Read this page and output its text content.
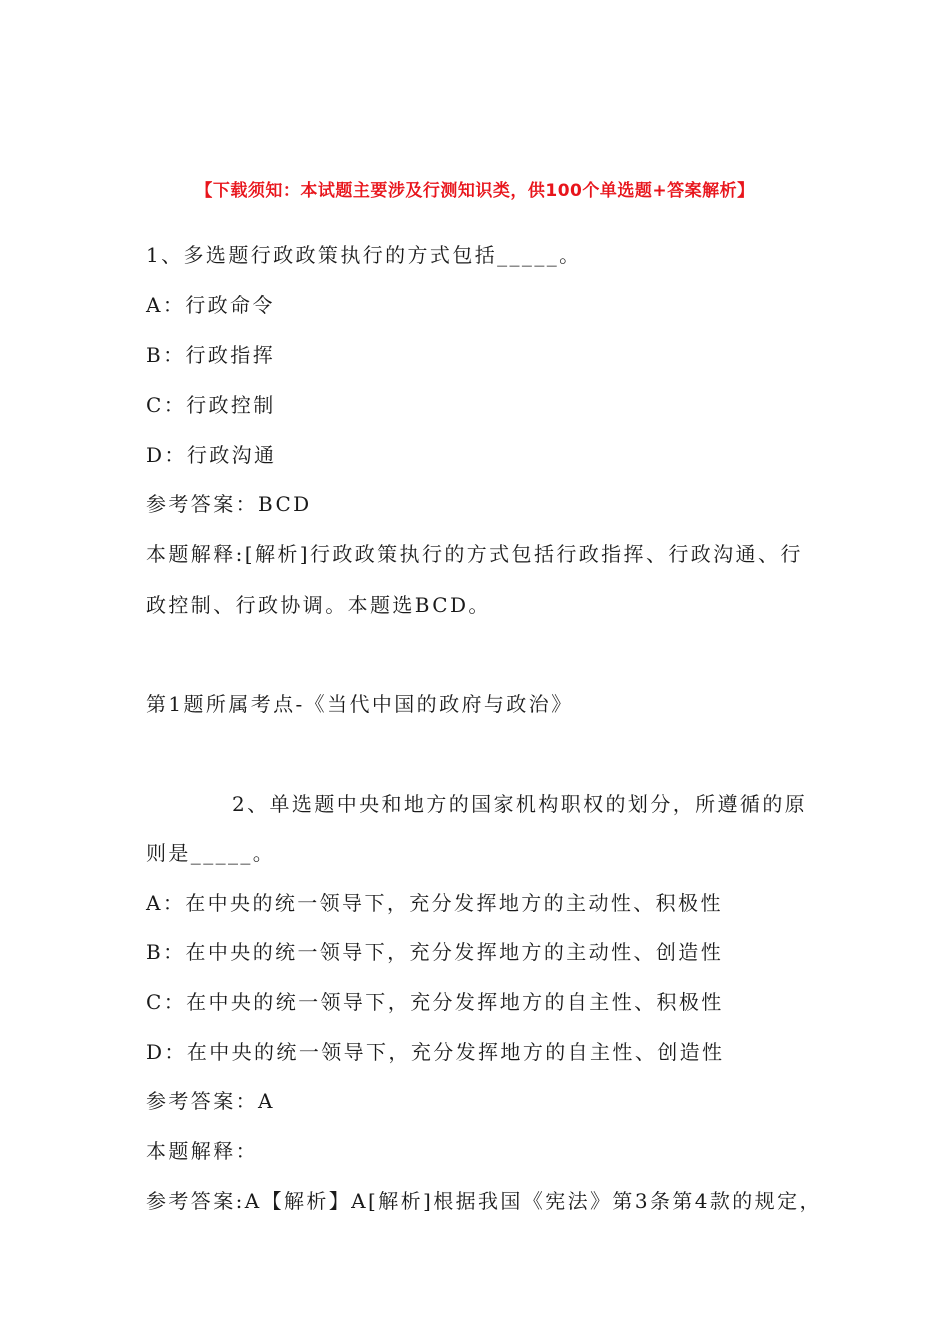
【下载须知：本试题主要涉及行测知识类，供100个单选题+答案解析】
1、多选题行政政策执行的方式包括_____。
A：行政命令
B：行政指挥
C：行政控制
D：行政沟通
参考答案：BCD
本题解释:[解析]行政政策执行的方式包括行政指挥、行政沟通、行
政控制、行政协调。本题选BCD。
第1题所属考点-《当代中国的政府与政治》
2、单选题中央和地方的国家机构职权的划分，所遵循的原
则是_____。
A：在中央的统一领导下，充分发挥地方的主动性、积极性
B：在中央的统一领导下，充分发挥地方的主动性、创造性
C：在中央的统一领导下，充分发挥地方的自主性、积极性
D：在中央的统一领导下，充分发挥地方的自主性、创造性
参考答案：A
本题解释：
参考答案:A【解析】A[解析]根据我国《宪法》第3条第4款的规定，
